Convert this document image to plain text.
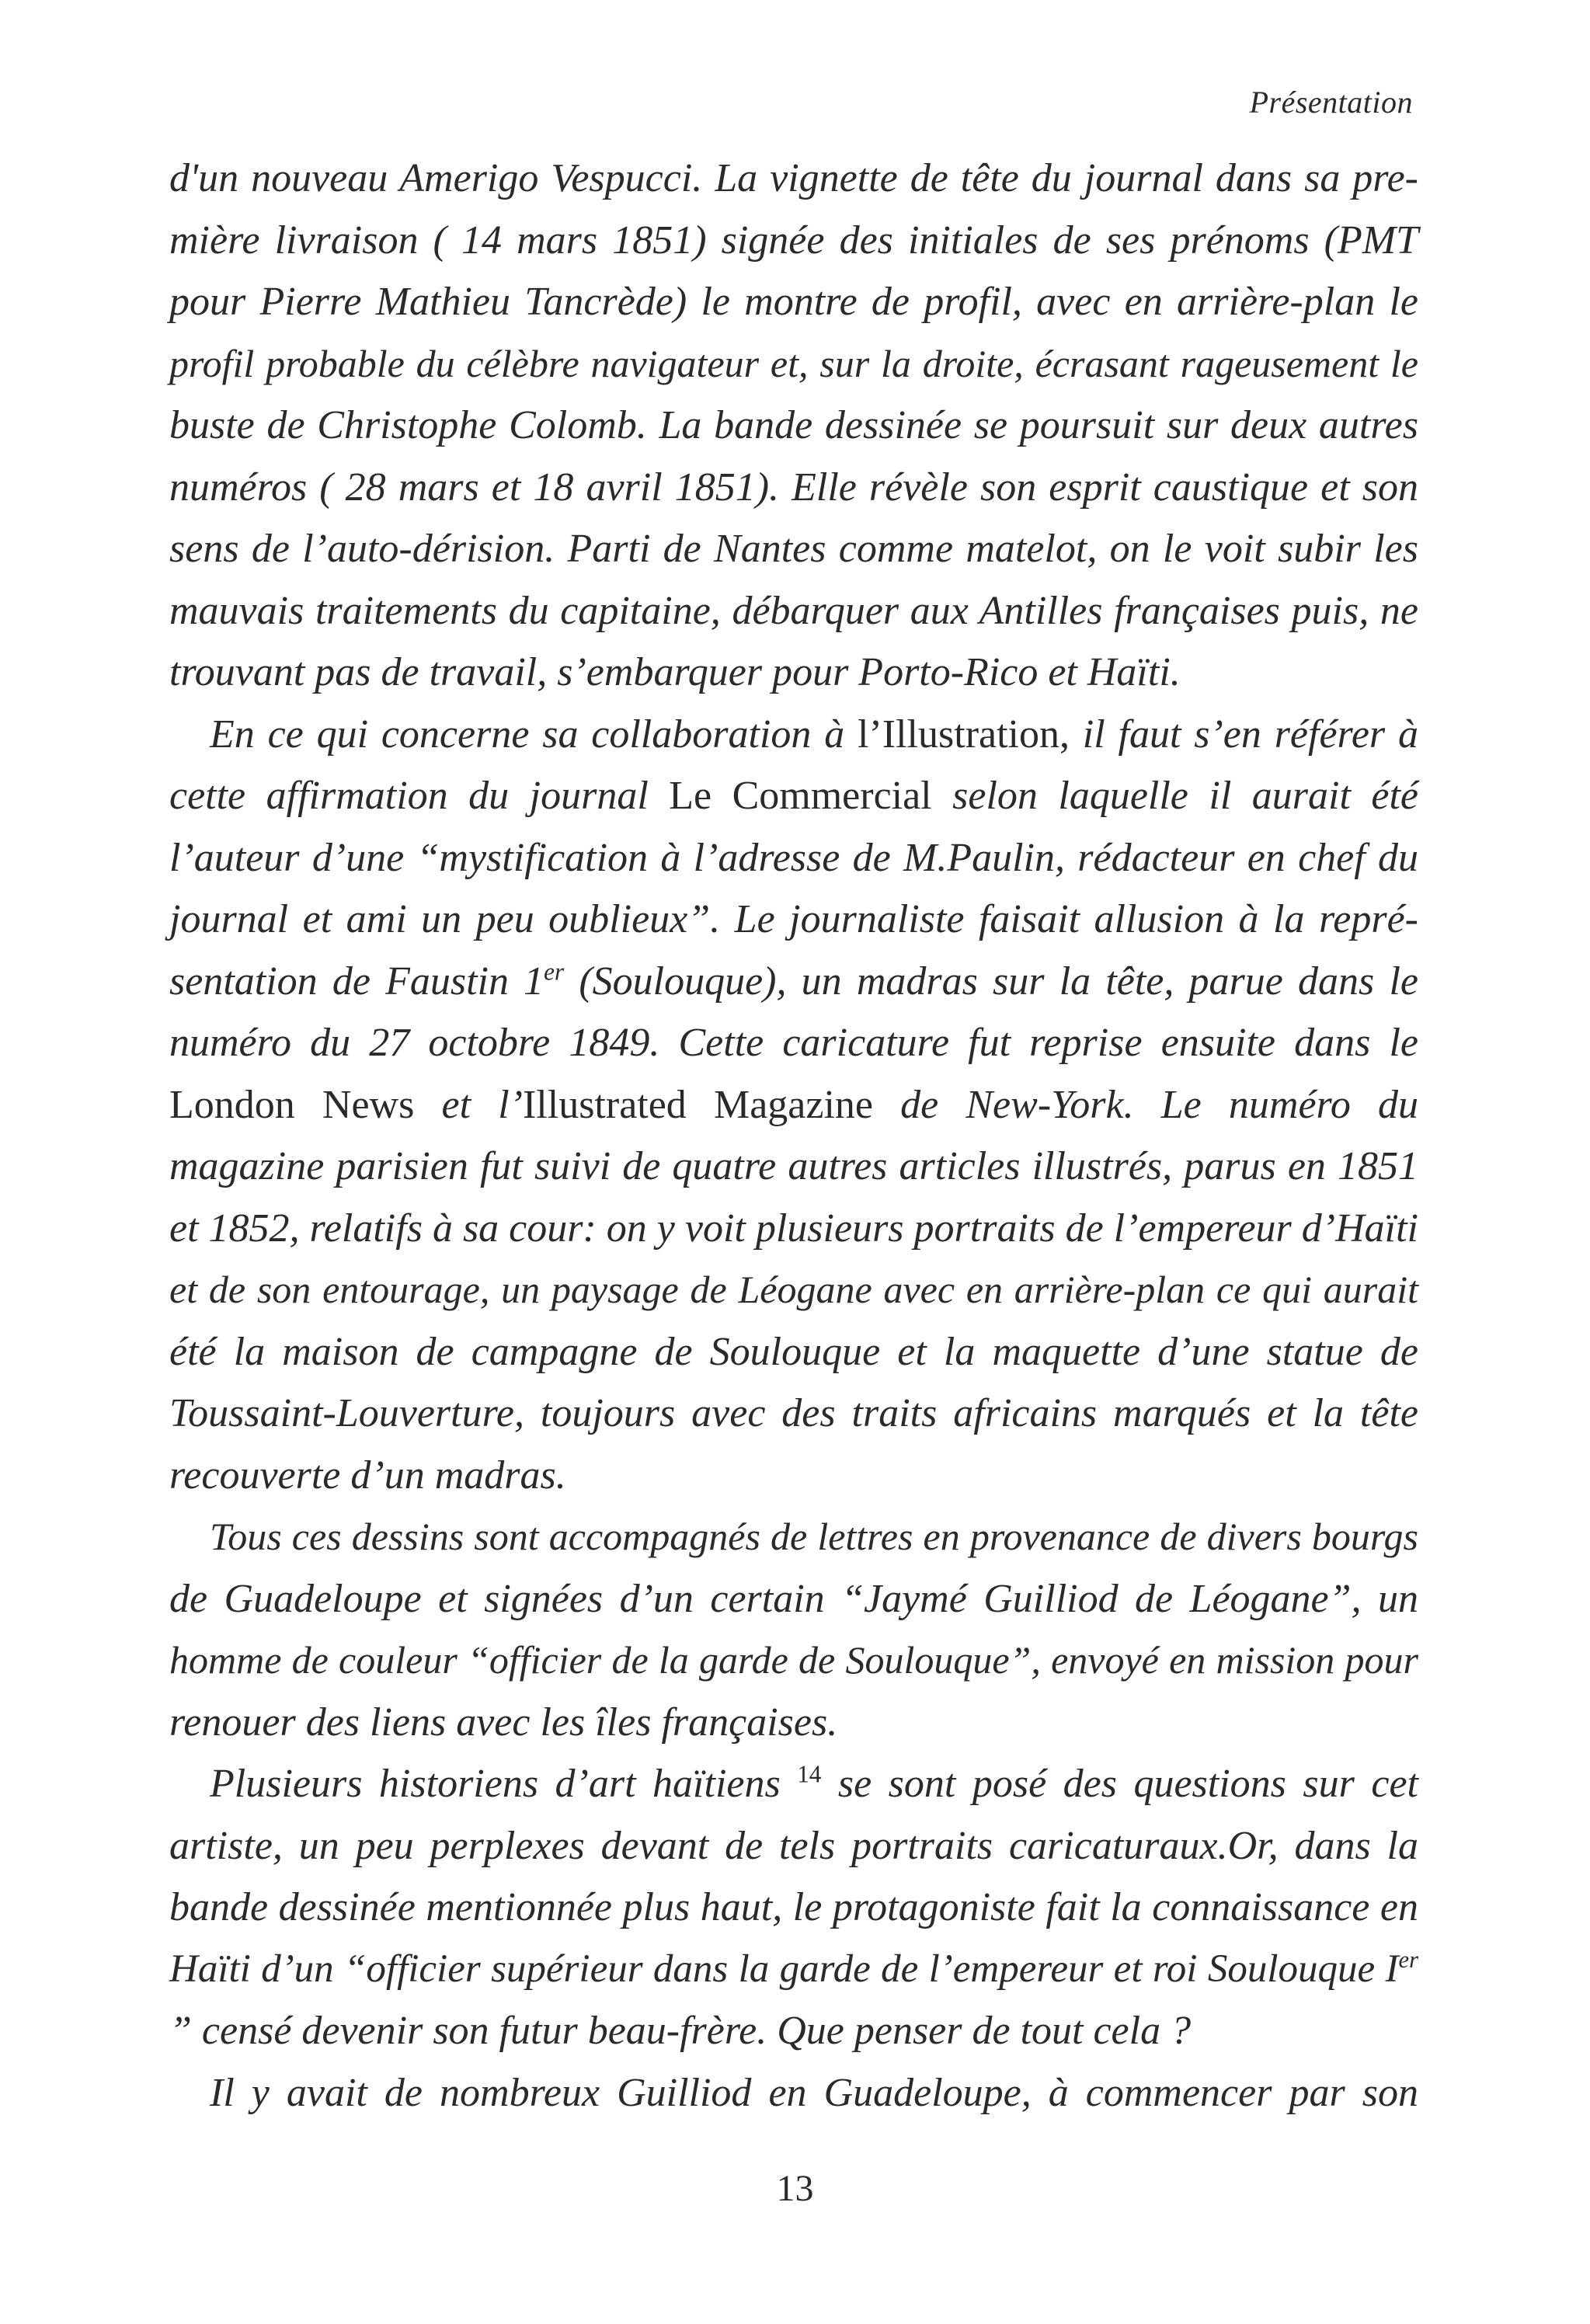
Présentation
d'un nouveau Amerigo Vespucci. La vignette de tête du journal dans sa pre-
mière livraison ( 14 mars 1851) signée des initiales de ses prénoms (PMT
pour Pierre Mathieu Tancrède) le montre de profil, avec en arrière-plan le
profil probable du célèbre navigateur et, sur la droite, écrasant rageusement le
buste de Christophe Colomb. La bande dessinée se poursuit sur deux autres
numéros ( 28 mars et 18 avril 1851). Elle révèle son esprit caustique et son
sens de l’auto-dérision. Parti de Nantes comme matelot, on le voit subir les
mauvais traitements du capitaine, débarquer aux Antilles françaises puis, ne
trouvant pas de travail, s’embarquer pour Porto-Rico et Haïti.
En ce qui concerne sa collaboration à l’Illustration, il faut s’en référer à
cette affirmation du journal Le Commercial selon laquelle il aurait été
l’auteur d’une “mystification à l’adresse de M.Paulin, rédacteur en chef du
journal et ami un peu oublieux”. Le journaliste faisait allusion à la repré-
sentation de Faustin 1er (Soulouque), un madras sur la tête, parue dans le
numéro du 27 octobre 1849. Cette caricature fut reprise ensuite dans le
London News et l’Illustrated Magazine de New-York. Le numéro du
magazine parisien fut suivi de quatre autres articles illustrés, parus en 1851
et 1852, relatifs à sa cour: on y voit plusieurs portraits de l’empereur d’Haïti
et de son entourage, un paysage de Léogane avec en arrière-plan ce qui aurait
été la maison de campagne de Soulouque et la maquette d’une statue de
Toussaint-Louverture, toujours avec des traits africains marqués et la tête
recouverte d’un madras.
Tous ces dessins sont accompagnés de lettres en provenance de divers bourgs
de Guadeloupe et signées d’un certain “Jaymé Guilliod de Léogane”, un
homme de couleur “officier de la garde de Soulouque”, envoyé en mission pour
renouer des liens avec les îles françaises.
Plusieurs historiens d’art haïtiens $^{14}$ se sont posé des questions sur cet
artiste, un peu perplexes devant de tels portraits caricaturaux.Or, dans la
bande dessinée mentionnée plus haut, le protagoniste fait la connaissance en
Haïti d’un “officier supérieur dans la garde de l’empereur et roi Soulouque Ier
” censé devenir son futur beau-frère. Que penser de tout cela ?
Il y avait de nombreux Guilliod en Guadeloupe, à commencer par son
13
